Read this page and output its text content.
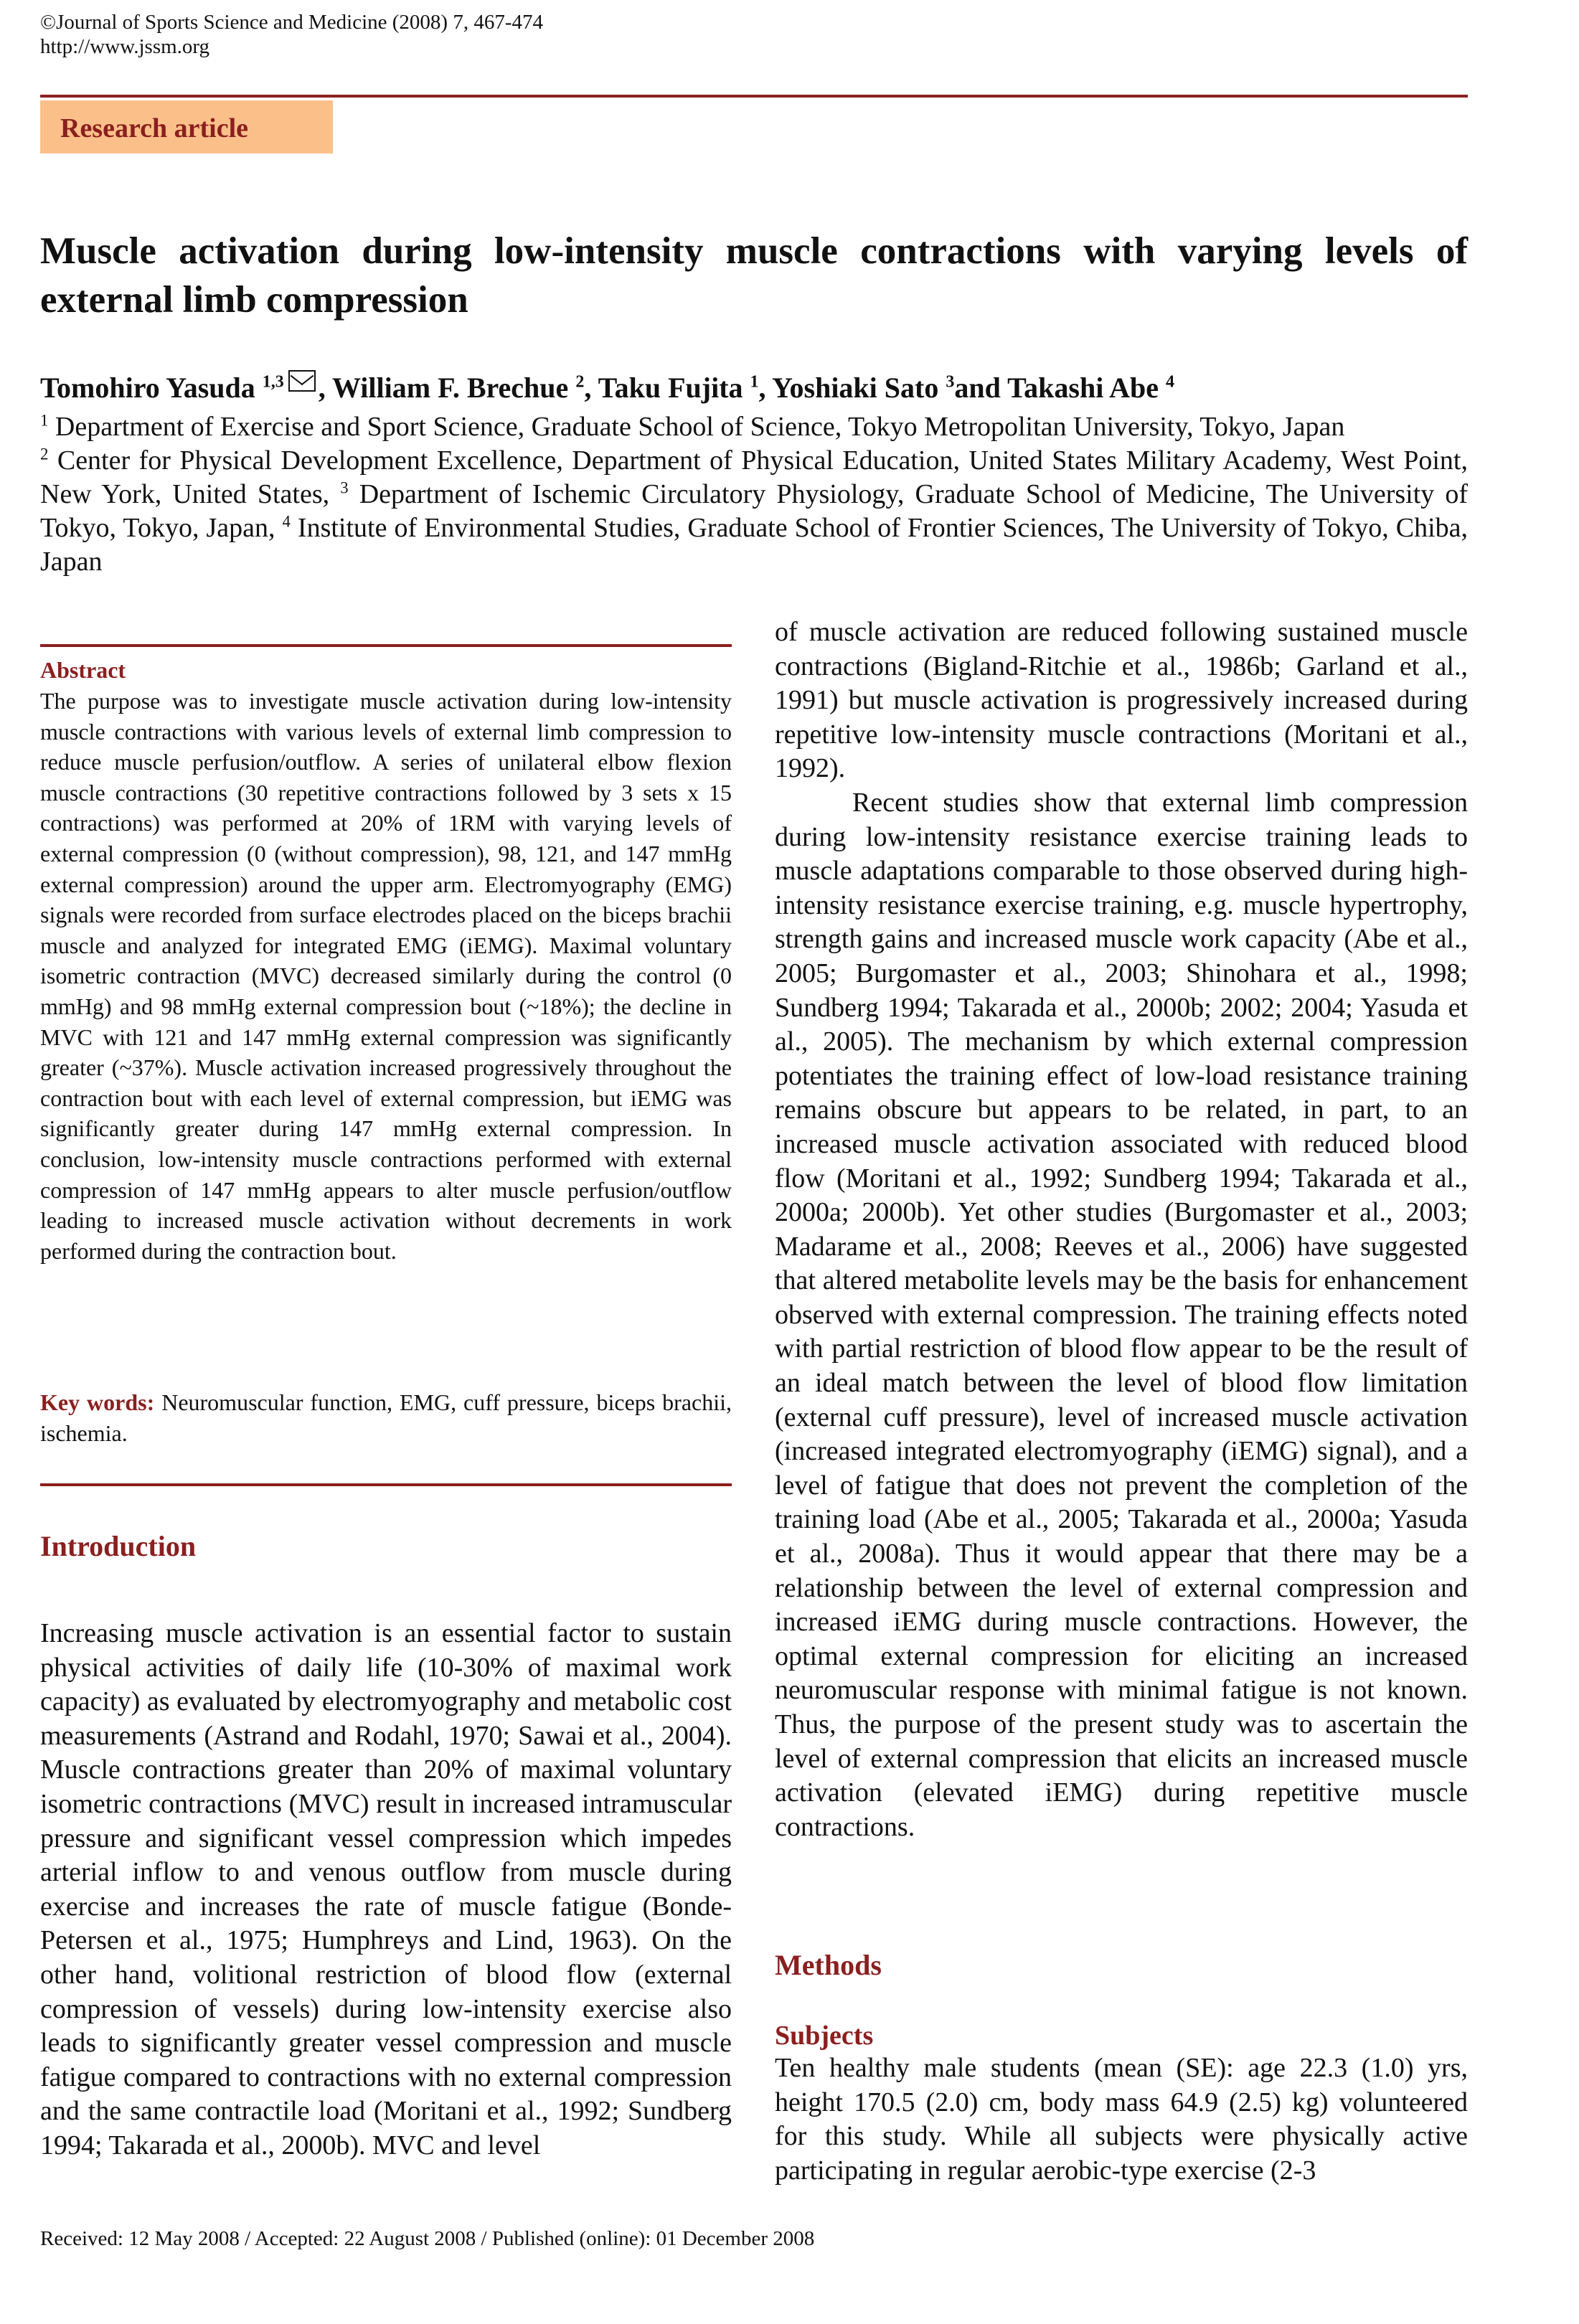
©Journal of Sports Science and Medicine (2008) 7, 467-474
http://www.jssm.org
Research article
Muscle activation during low-intensity muscle contractions with varying levels of external limb compression
Tomohiro Yasuda $^{1,3}$ , William F. Brechue $^2$, Taku Fujita $^1$, Yoshiaki Sato $^3$and Takashi Abe $^4$

$^1$ Department of Exercise and Sport Science, Graduate School of Science, Tokyo Metropolitan University, Tokyo, Japan

$^2$ Center for Physical Development Excellence, Department of Physical Education, United States Military Academy, West Point, New York, United States, $^3$ Department of Ischemic Circulatory Physiology, Graduate School of Medicine, The University of Tokyo, Tokyo, Japan, $^4$ Institute of Environmental Studies, Graduate School of Frontier Sciences, The University of Tokyo, Chiba, Japan

Abstract
The purpose was to investigate muscle activation during low-intensity muscle contractions with various levels of external limb compression to reduce muscle perfusion/outflow. A series of unilateral elbow flexion muscle contractions (30 repetitive contractions followed by 3 sets x 15 contractions) was performed at 20% of 1RM with varying levels of external compression (0 (without compression), 98, 121, and 147 mmHg external compression) around the upper arm. Electromyography (EMG) signals were recorded from surface electrodes placed on the biceps brachii muscle and analyzed for integrated EMG (iEMG). Maximal voluntary isometric contraction (MVC) decreased similarly during the control (0 mmHg) and 98 mmHg external compression bout (~18%); the decline in MVC with 121 and 147 mmHg external compression was significantly greater (~37%). Muscle activation increased progressively throughout the contraction bout with each level of external compression, but iEMG was significantly greater during 147 mmHg external compression. In conclusion, low-intensity muscle contractions performed with external compression of 147 mmHg appears to alter muscle perfusion/outflow leading to increased muscle activation without decrements in work performed during the contraction bout.
Key words: Neuromuscular function, EMG, cuff pressure, biceps brachii, ischemia.
Introduction
Increasing muscle activation is an essential factor to sustain physical activities of daily life (10-30% of maximal work capacity) as evaluated by electromyography and metabolic cost measurements (Astrand and Rodahl, 1970; Sawai et al., 2004). Muscle contractions greater than 20% of maximal voluntary isometric contractions (MVC) result in increased intramuscular pressure and significant vessel compression which impedes arterial inflow to and venous outflow from muscle during exercise and increases the rate of muscle fatigue (Bonde-Petersen et al., 1975; Humphreys and Lind, 1963). On the other hand, volitional restriction of blood flow (external compression of vessels) during low-intensity exercise also leads to significantly greater vessel compression and muscle fatigue compared to contractions with no external compression and the same contractile load (Moritani et al., 1992; Sundberg 1994; Takarada et al., 2000b). MVC and level

of muscle activation are reduced following sustained muscle contractions (Bigland-Ritchie et al., 1986b; Garland et al., 1991) but muscle activation is progressively increased during repetitive low-intensity muscle contractions (Moritani et al., 1992).

Recent studies show that external limb compression during low-intensity resistance exercise training leads to muscle adaptations comparable to those observed during high-intensity resistance exercise training, e.g. muscle hypertrophy, strength gains and increased muscle work capacity (Abe et al., 2005; Burgomaster et al., 2003; Shinohara et al., 1998; Sundberg 1994; Takarada et al., 2000b; 2002; 2004; Yasuda et al., 2005). The mechanism by which external compression potentiates the training effect of low-load resistance training remains obscure but appears to be related, in part, to an increased muscle activation associated with reduced blood flow (Moritani et al., 1992; Sundberg 1994; Takarada et al., 2000a; 2000b). Yet other studies (Burgomaster et al., 2003; Madarame et al., 2008; Reeves et al., 2006) have suggested that altered metabolite levels may be the basis for enhancement observed with external compression. The training effects noted with partial restriction of blood flow appear to be the result of an ideal match between the level of blood flow limitation (external cuff pressure), level of increased muscle activation (increased integrated electromyography (iEMG) signal), and a level of fatigue that does not prevent the completion of the training load (Abe et al., 2005; Takarada et al., 2000a; Yasuda et al., 2008a). Thus it would appear that there may be a relationship between the level of external compression and increased iEMG during muscle contractions. However, the optimal external compression for eliciting an increased neuromuscular response with minimal fatigue is not known. Thus, the purpose of the present study was to ascertain the level of external compression that elicits an increased muscle activation (elevated iEMG) during repetitive muscle contractions.

Methods
Subjects
Ten healthy male students (mean (SE): age 22.3 (1.0) yrs, height 170.5 (2.0) cm, body mass 64.9 (2.5) kg) volunteered for this study. While all subjects were physically active participating in regular aerobic-type exercise (2-3
Received: 12 May 2008 / Accepted: 22 August 2008 / Published (online): 01 December 2008
